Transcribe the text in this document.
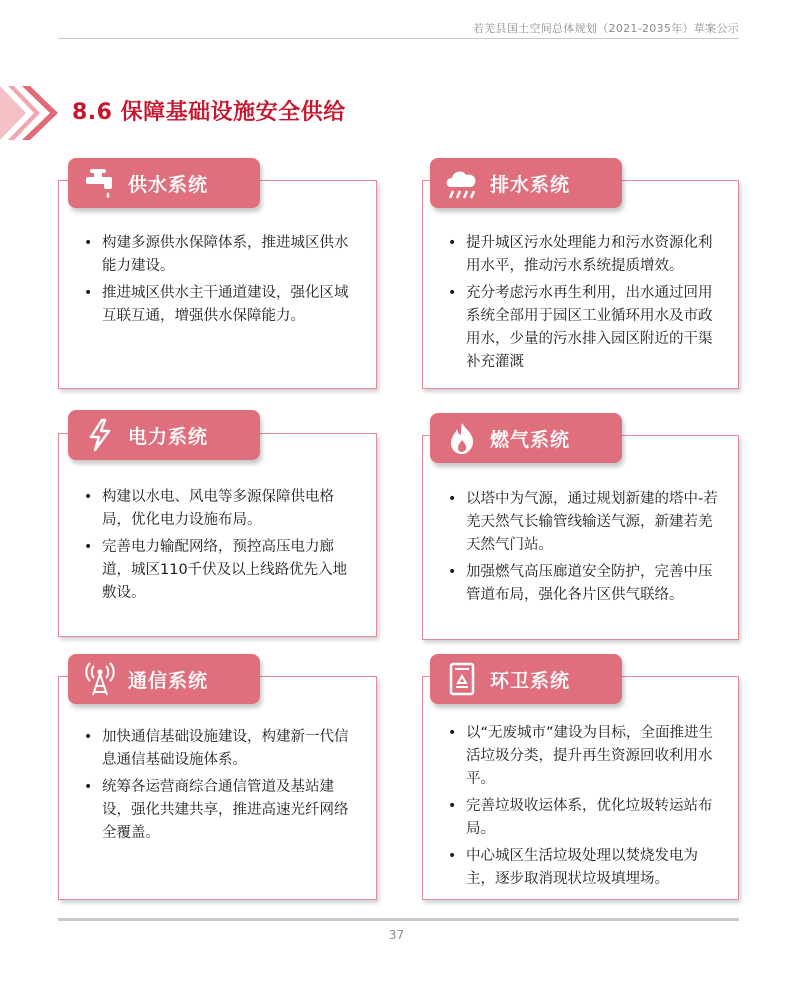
若羌县国土空间总体规划（2021-2035年）草案公示
8.6 保障基础设施安全供给
供水系统
• 构建多源供水保障体系，推进城区供水能力建设。
• 推进城区供水主干通道建设，强化区域互联互通，增强供水保障能力。
排水系统
• 提升城区污水处理能力和污水资源化利用水平，推动污水系统提质增效。
• 充分考虑污水再生利用，出水通过回用系统全部用于园区工业循环用水及市政用水，少量的污水排入园区附近的干渠补充灌溉
电力系统
• 构建以水电、风电等多源保障供电格局，优化电力设施布局。
• 完善电力输配网络，预控高压电力廊道，城区110千伏及以上线路优先入地敷设。
燃气系统
• 以塔中为气源，通过规划新建的塔中-若羌天然气长输管线输送气源，新建若羌天然气门站。
• 加强燃气高压廊道安全防护，完善中压管道布局，强化各片区供气联络。
通信系统
• 加快通信基础设施建设，构建新一代信息通信基础设施体系。
• 统筹各运营商综合通信管道及基站建设，强化共建共享，推进高速光纤网络全覆盖。
环卫系统
• 以“无废城市”建设为目标，全面推进生活垃圾分类，提升再生资源回收利用水平。
• 完善垃圾收运体系，优化垃圾转运站布局。
• 中心城区生活垃圾处理以焚烧发电为主，逐步取消现状垃圾填埋场。
37
